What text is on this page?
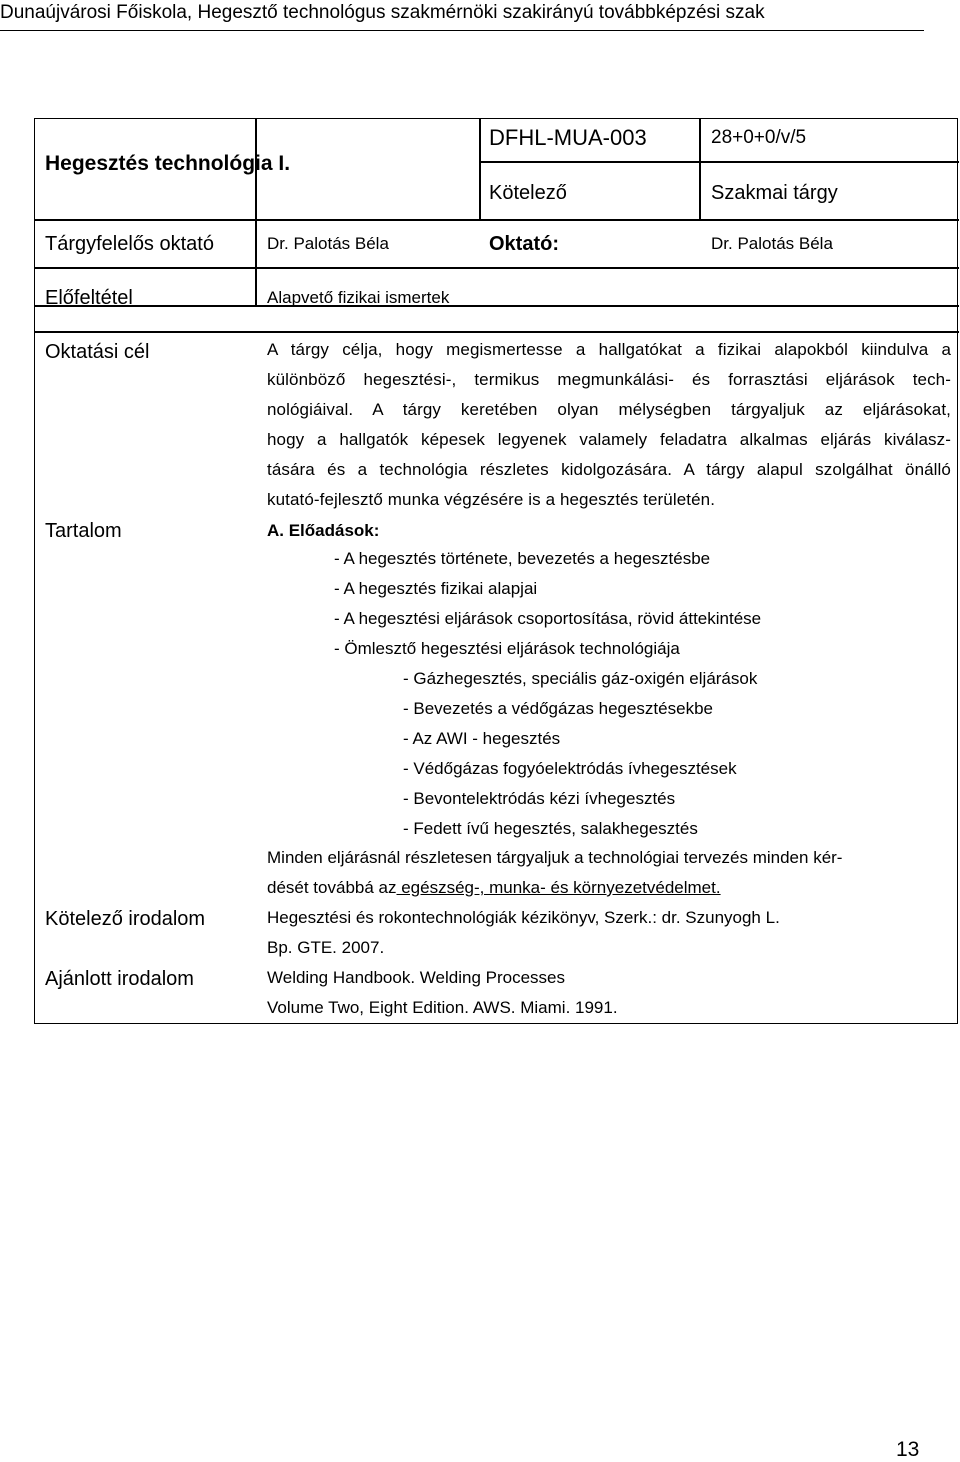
Dunaújvárosi Főiskola, Hegesztő technológus szakmérnöki szakirányú továbbképzési szak
Hegesztés technológia I.
DFHL-MUA-003	28+0+0/v/5
Kötelező	Szakmai tárgy
Tárgyfelelős oktató	Dr. Palotás Béla	Oktató:	Dr. Palotás Béla
Előfeltétel	Alapvető fizikai ismertek
Oktatási cél	A tárgy célja, hogy megismertesse a hallgatókat a fizikai alapokból kiindulva a
különböző hegesztési-, termikus megmunkálási- és forrasztási eljárások tech-
nológiáival. A tárgy keretében olyan mélységben tárgyaljuk az eljárásokat,
hogy a hallgatók képesek legyenek valamely feladatra alkalmas eljárás kiválasz-
tására és a technológia részletes kidolgozására. A tárgy alapul szolgálhat önálló
kutató-fejlesztő munka végzésére is a hegesztés területén.
Tartalom	A. Előadások:
- A hegesztés története, bevezetés a hegesztésbe
- A hegesztés fizikai alapjai
- A hegesztési eljárások csoportosítása, rövid áttekintése
- Ömlesztő hegesztési eljárások technológiája
- Gázhegesztés, speciális gáz-oxigén eljárások
- Bevezetés a védőgázas hegesztésekbe
- Az AWI - hegesztés
- Védőgázas fogyóelektródás ívhegesztések
- Bevontelektródás kézi ívhegesztés
- Fedett ívű hegesztés, salakhegesztés
Minden eljárásnál részletesen tárgyaljuk a technológiai tervezés minden kér-
dését továbbá az egészség-, munka- és környezetvédelmet.
Kötelező irodalom	Hegesztési és rokontechnológiák kézikönyv, Szerk.: dr. Szunyogh L.
Bp. GTE. 2007.
Ajánlott irodalom	Welding Handbook. Welding Processes
Volume Two, Eight Edition. AWS. Miami. 1991.
13
